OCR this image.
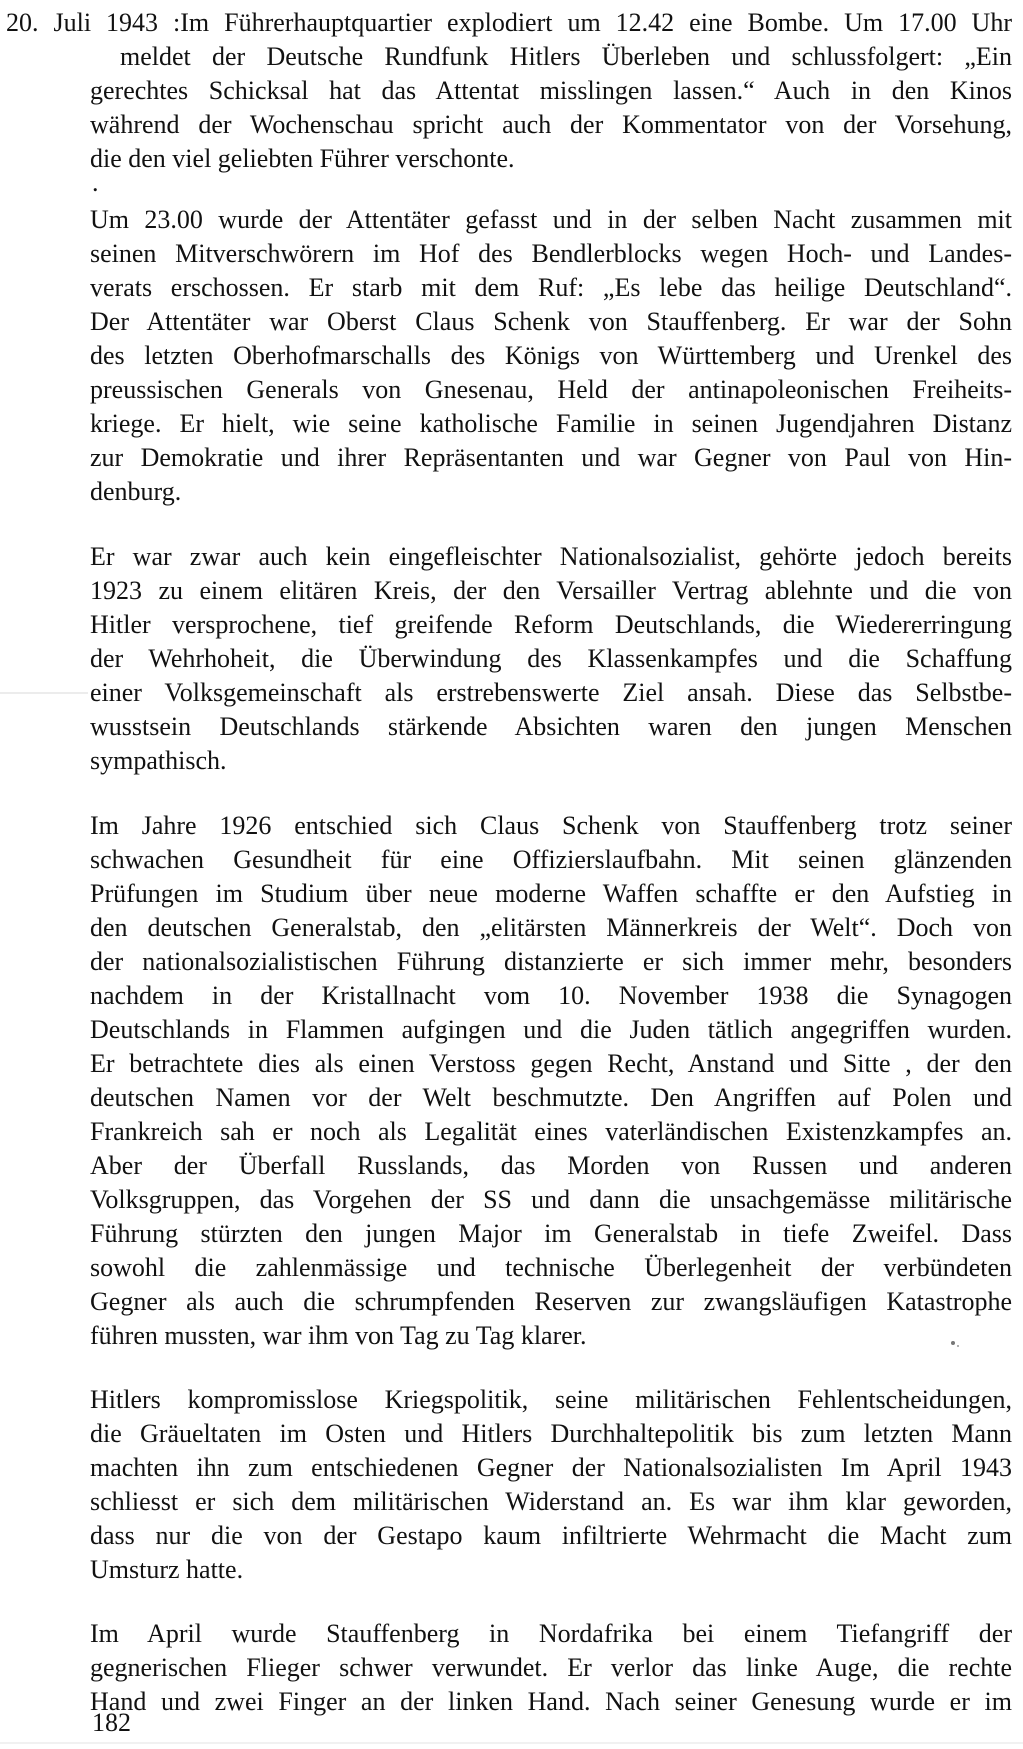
20. Juli 1943 :Im Führerhauptquartier explodiert um 12.42 eine Bombe. Um 17.00 Uhr
meldet der Deutsche Rundfunk Hitlers Überleben und schlussfolgert: „Ein
gerechtes Schicksal hat das Attentat misslingen lassen.“ Auch in den Kinos
während der Wochenschau spricht auch der Kommentator von der Vorsehung,
die den viel geliebten Führer verschonte.
.
Um 23.00 wurde der Attentäter gefasst und in der selben Nacht zusammen mit
seinen Mitverschwörern im Hof des Bendlerblocks wegen Hoch- und Landes-
verats erschossen. Er starb mit dem Ruf: „Es lebe das heilige Deutschland“.
Der Attentäter war Oberst Claus Schenk von Stauffenberg. Er war der Sohn
des letzten Oberhofmarschalls des Königs von Württemberg und Urenkel des
preussischen Generals von Gnesenau, Held der antinapoleonischen Freiheits-
kriege. Er hielt, wie seine katholische Familie in seinen Jugendjahren Distanz
zur Demokratie und ihrer Repräsentanten und war Gegner von Paul von Hin-
denburg.
Er war zwar auch kein eingefleischter Nationalsozialist, gehörte jedoch bereits
1923 zu einem elitären Kreis, der den Versailler Vertrag ablehnte und die von
Hitler versprochene, tief greifende Reform Deutschlands, die Wiedererringung
der Wehrhoheit, die Überwindung des Klassenkampfes und die Schaffung
einer Volksgemeinschaft als erstrebenswerte Ziel ansah. Diese das Selbstbe-
wusstsein Deutschlands stärkende Absichten waren den jungen Menschen
sympathisch.
Im Jahre 1926 entschied sich Claus Schenk von Stauffenberg trotz seiner
schwachen Gesundheit für eine Offizierslaufbahn. Mit seinen glänzenden
Prüfungen im Studium über neue moderne Waffen schaffte er den Aufstieg in
den deutschen Generalstab, den „elitärsten Männerkreis der Welt“. Doch von
der nationalsozialistischen Führung distanzierte er sich immer mehr, besonders
nachdem in der Kristallnacht vom 10. November 1938 die Synagogen
Deutschlands in Flammen aufgingen und die Juden tätlich angegriffen wurden.
Er betrachtete dies als einen Verstoss gegen Recht, Anstand und Sitte , der den
deutschen Namen vor der Welt beschmutzte. Den Angriffen auf Polen und
Frankreich sah er noch als Legalität eines vaterländischen Existenzkampfes an.
Aber der Überfall Russlands, das Morden von Russen und anderen
Volksgruppen, das Vorgehen der SS und dann die unsachgemässe militärische
Führung stürzten den jungen Major im Generalstab in tiefe Zweifel. Dass
sowohl die zahlenmässige und technische Überlegenheit der verbündeten
Gegner als auch die schrumpfenden Reserven zur zwangsläufigen Katastrophe
führen mussten, war ihm von Tag zu Tag klarer.
Hitlers kompromisslose Kriegspolitik, seine militärischen Fehlentscheidungen,
die Gräueltaten im Osten und Hitlers Durchhaltepolitik bis zum letzten Mann
machten ihn zum entschiedenen Gegner der Nationalsozialisten Im April 1943
schliesst er sich dem militärischen Widerstand an. Es war ihm klar geworden,
dass nur die von der Gestapo kaum infiltrierte Wehrmacht die Macht zum
Umsturz hatte.
Im April wurde Stauffenberg in Nordafrika bei einem Tiefangriff der
gegnerischen Flieger schwer verwundet. Er verlor das linke Auge, die rechte
Hand und zwei Finger an der linken Hand. Nach seiner Genesung wurde er im
182
